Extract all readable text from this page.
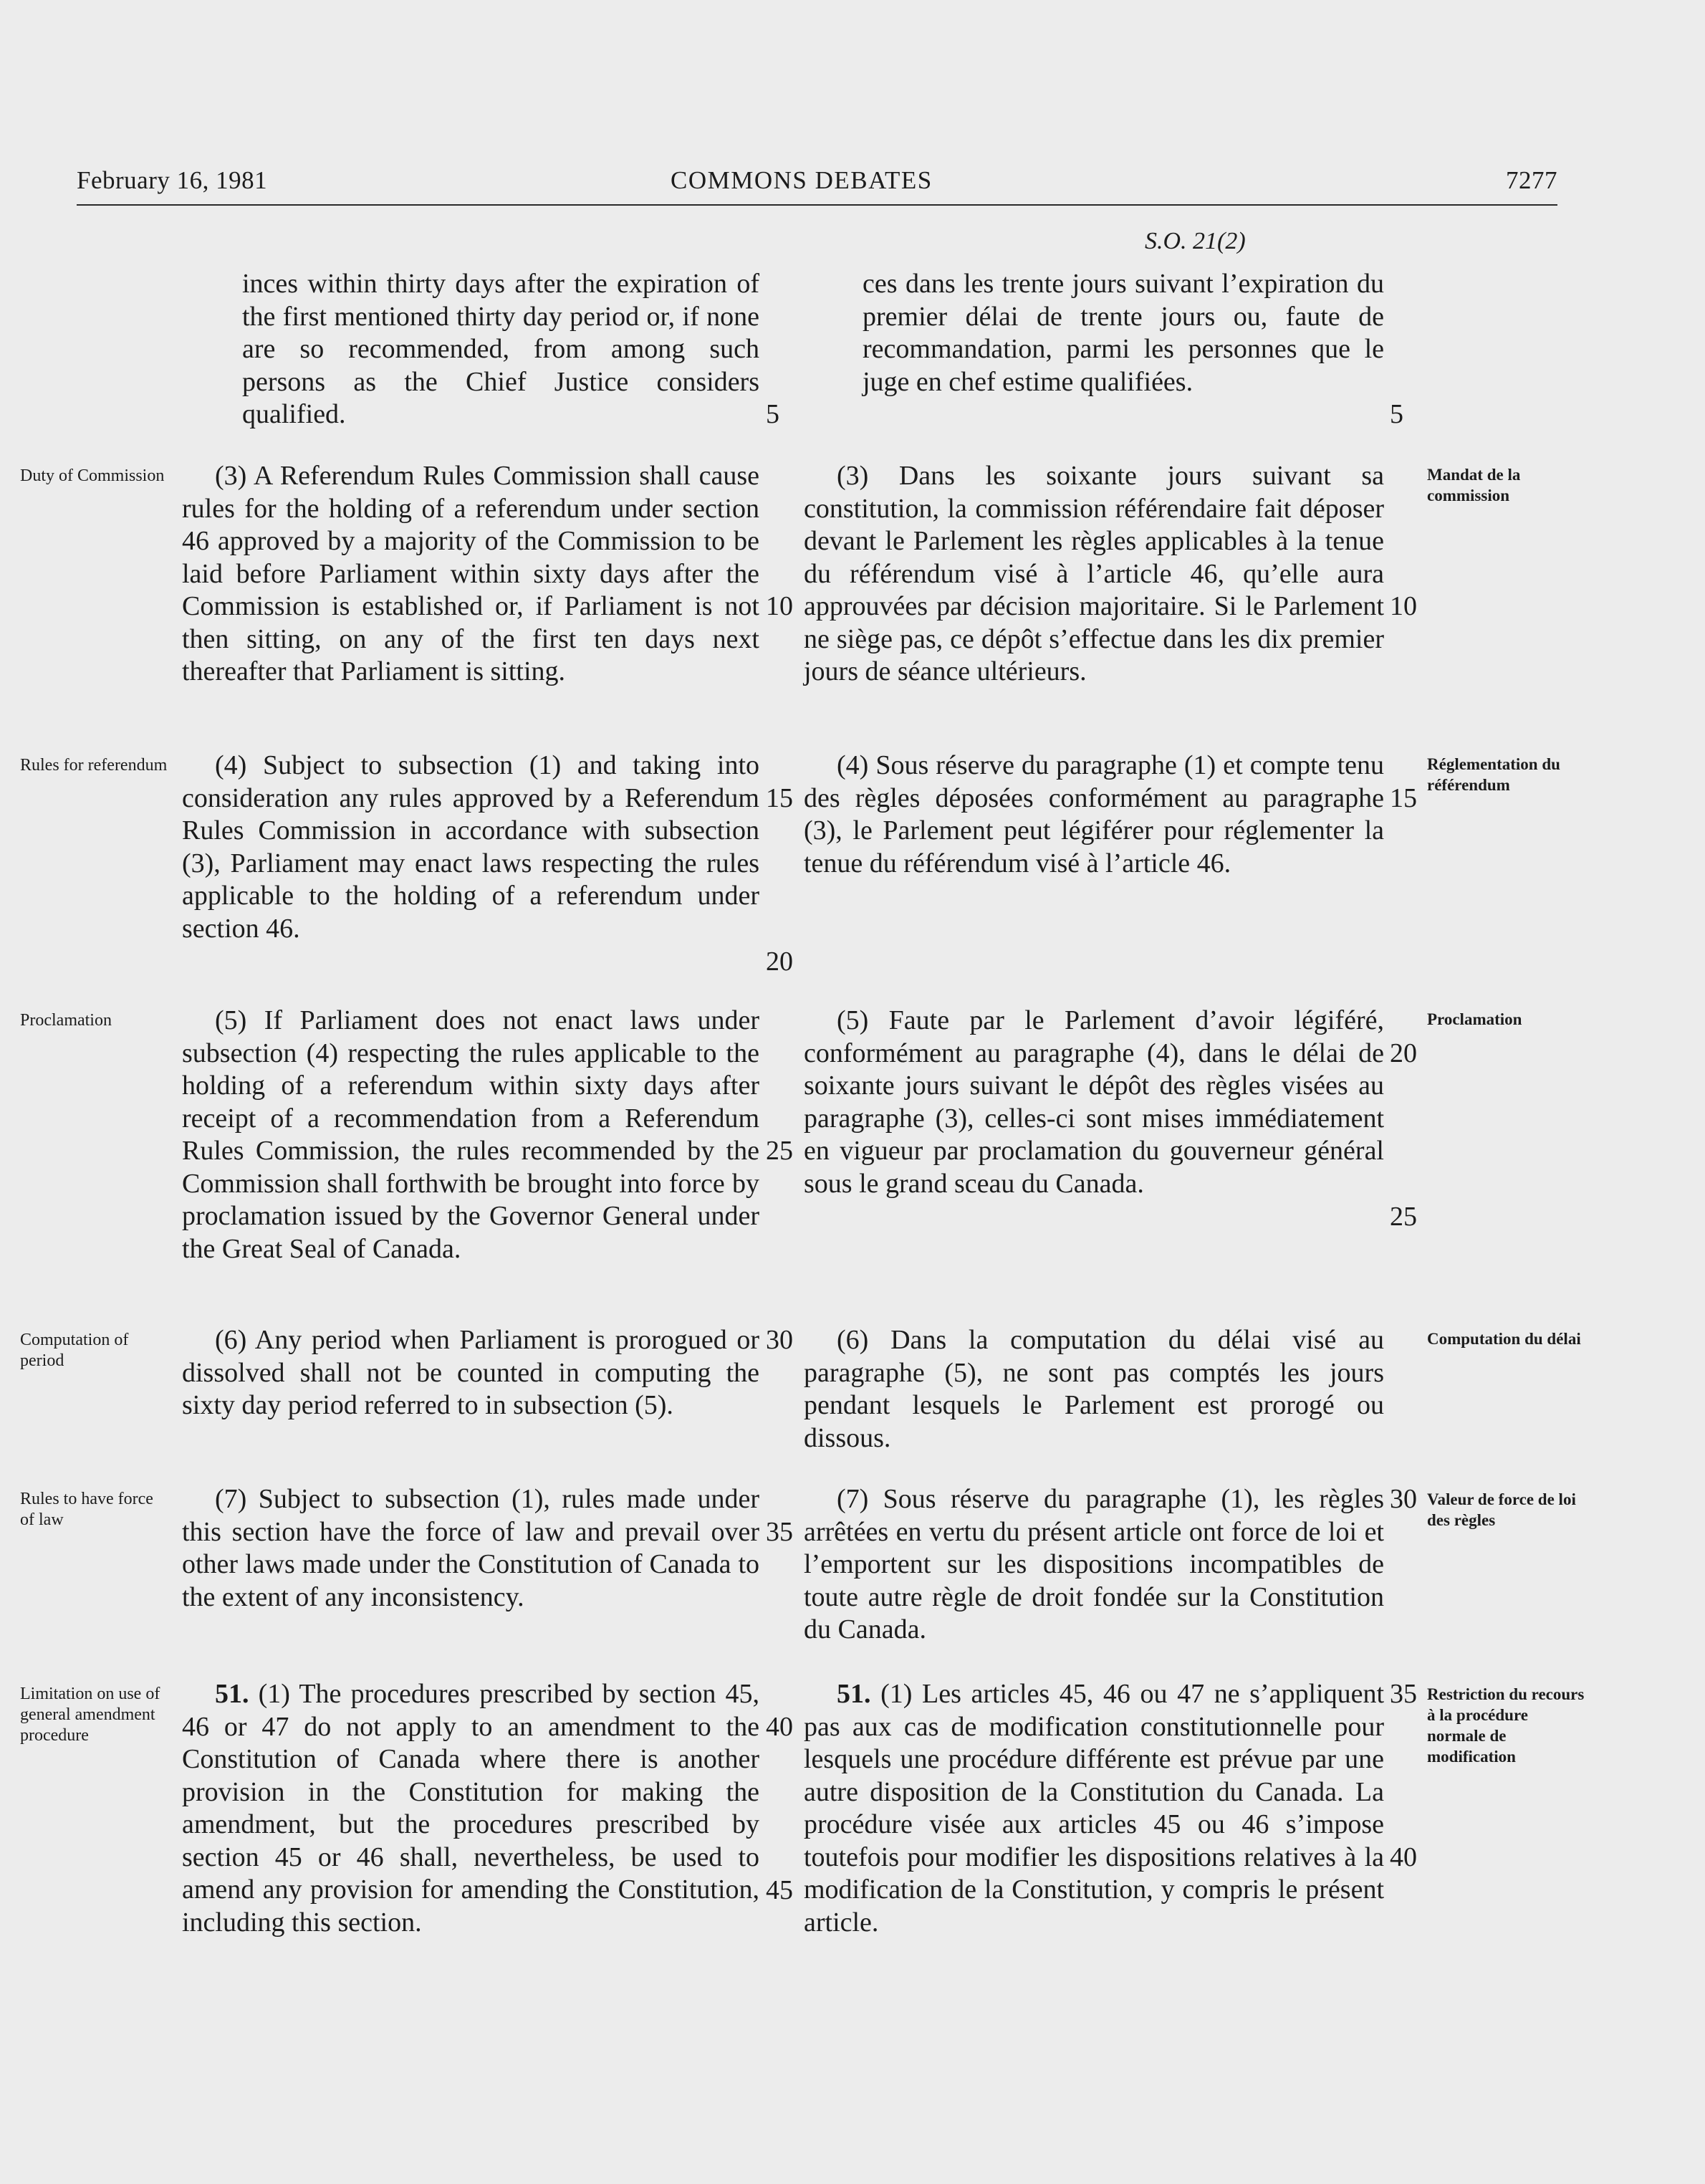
February 16, 1981	COMMONS DEBATES	7277
S.O. 21(2)

inces within thirty days after the expiration of the first mentioned thirty day period or, if none are so recommended, from among such persons as the Chief Justice considers qualified.

(3) A Referendum Rules Commission shall cause rules for the holding of a referendum under section 46 approved by a majority of the Commission to be laid before Parliament within sixty days after the Commission is established or, if Parliament is not then sitting, on any of the first ten days next thereafter that Parliament is sitting.

(4) Subject to subsection (1) and taking into consideration any rules approved by a Referendum Rules Commission in accordance with subsection (3), Parliament may enact laws respecting the rules applicable to the holding of a referendum under section 46.

(5) If Parliament does not enact laws under subsection (4) respecting the rules applicable to the holding of a referendum within sixty days after receipt of a recommendation from a Referendum Rules Commission, the rules recommended by the Commission shall forthwith be brought into force by proclamation issued by the Governor General under the Great Seal of Canada.

(6) Any period when Parliament is prorogued or dissolved shall not be counted in computing the sixty day period referred to in subsection (5).

(7) Subject to subsection (1), rules made under this section have the force of law and prevail over other laws made under the Constitution of Canada to the extent of any inconsistency.

51. (1) The procedures prescribed by section 45, 46 or 47 do not apply to an amendment to the Constitution of Canada where there is another provision in the Constitution for making the amendment, but the procedures prescribed by section 45 or 46 shall, nevertheless, be used to amend any provision for amending the Constitution, including this section.

ces dans les trente jours suivant l’expiration du premier délai de trente jours ou, faute de recommandation, parmi les personnes que le juge en chef estime qualifiées.

(3) Dans les soixante jours suivant sa constitution, la commission référendaire fait déposer devant le Parlement les règles applicables à la tenue du référendum visé à l’article 46, qu’elle aura approuvées par décision majoritaire. Si le Parlement ne siège pas, ce dépôt s’effectue dans les dix premier jours de séance ultérieurs.

(4) Sous réserve du paragraphe (1) et compte tenu des règles déposées conformément au paragraphe (3), le Parlement peut légiférer pour réglementer la tenue du référendum visé à l’article 46.

(5) Faute par le Parlement d’avoir légiféré, conformément au paragraphe (4), dans le délai de soixante jours suivant le dépôt des règles visées au paragraphe (3), celles-ci sont mises immédiatement en vigueur par proclamation du gouverneur général sous le grand sceau du Canada.

(6) Dans la computation du délai visé au paragraphe (5), ne sont pas comptés les jours pendant lesquels le Parlement est prorogé ou dissous.

(7) Sous réserve du paragraphe (1), les règles arrêtées en vertu du présent article ont force de loi et l’emportent sur les dispositions incompatibles de toute autre règle de droit fondée sur la Constitution du Canada.

51. (1) Les articles 45, 46 ou 47 ne s’appliquent pas aux cas de modification constitutionnelle pour lesquels une procédure différente est prévue par une autre disposition de la Constitution du Canada. La procédure visée aux articles 45 ou 46 s’impose toutefois pour modifier les dispositions relatives à la modification de la Constitution, y compris le présent article.

5
10
15
20
25
30
35
40
45
5
10
15
20
25
30
35
40
Duty of Commission
Rules for referendum
Proclamation
Computation of period
Rules to have force of law
Limitation on use of general amendment procedure
Mandat de la commission
Réglementation du référendum
Proclamation
Computation du délai
Valeur de force de loi des règles
Restriction du recours à la procédure normale de modification
